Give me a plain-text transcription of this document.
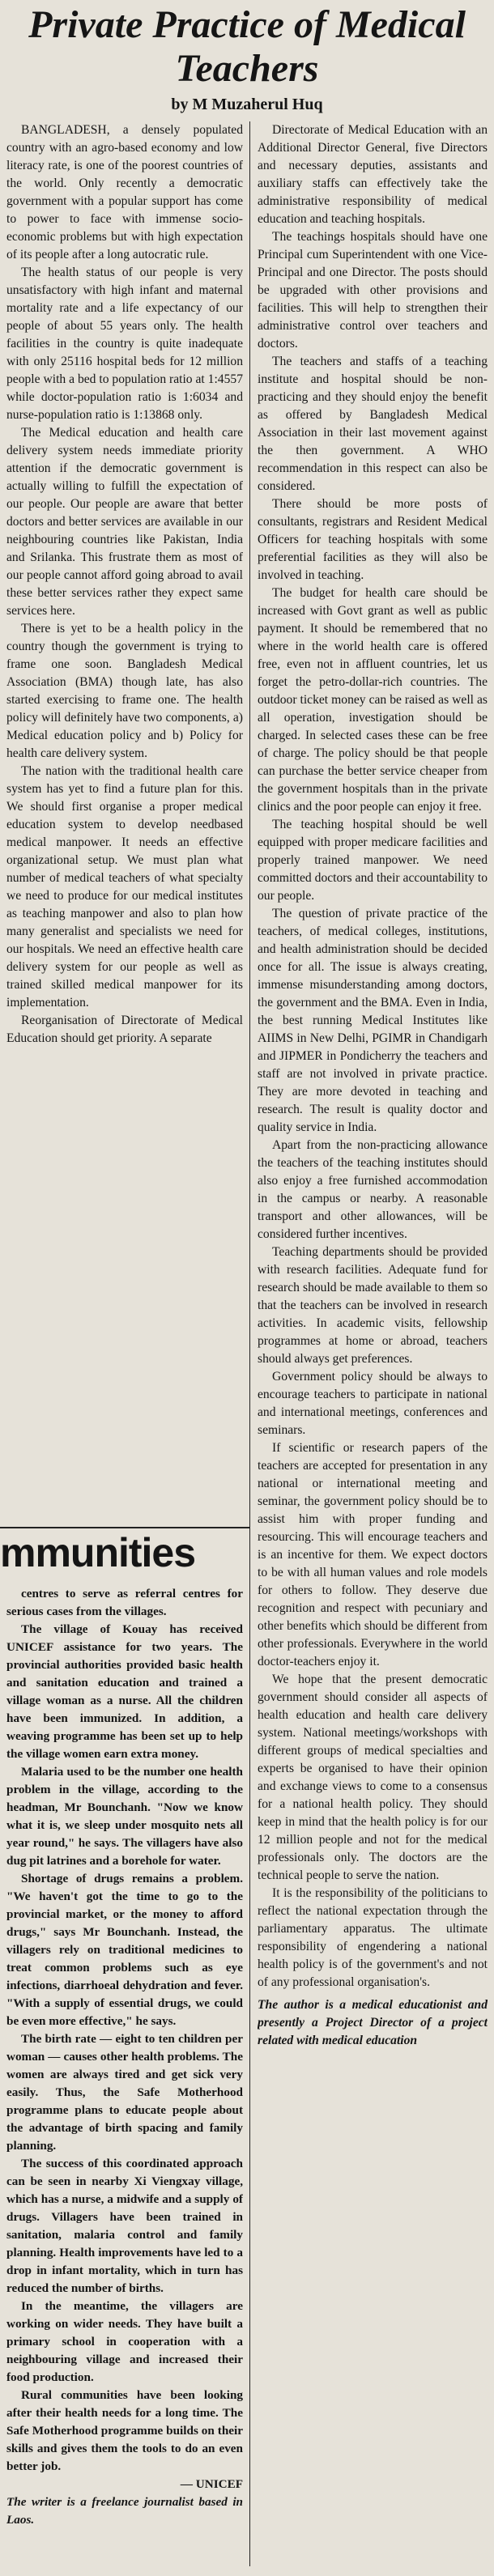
Private Practice of Medical Teachers
by M Muzaherul Huq

BANGLADESH, a densely populated country with an agro-based economy and low literacy rate, is one of the poorest countries of the world. Only recently a democratic government with a popular support has come to power to face with immense socio-economic problems but with high expectation of its people after a long autocratic rule.

The health status of our people is very unsatisfactory with high infant and maternal mortality rate and a life expectancy of our people of about 55 years only. The health facilities in the country is quite inadequate with only 25116 hospital beds for 12 million people with a bed to population ratio at 1:4557 while doctor-population ratio is 1:6034 and nurse-population ratio is 1:13868 only.

The Medical education and health care delivery system needs immediate priority attention if the democratic government is actually willing to fulfill the expectation of our people. Our people are aware that better doctors and better services are available in our neighbouring countries like Pakistan, India and Srilanka. This frustrate them as most of our people cannot afford going abroad to avail these better services rather they expect same services here.

There is yet to be a health policy in the country though the government is trying to frame one soon. Bangladesh Medical Association (BMA) though late, has also started exercising to frame one. The health policy will definitely have two components, a) Medical education policy and b) Policy for health care delivery system.

The nation with the traditional health care system has yet to find a future plan for this. We should first organise a proper medical education system to develop needbased medical manpower. It needs an effective organizational setup. We must plan what number of medical teachers of what specialty we need to produce for our medical institutes as teaching manpower and also to plan how many generalist and specialists we need for our hospitals. We need an effective health care delivery system for our people as well as trained skilled medical manpower for its implementation.

Reorganisation of Directorate of Medical Education should get priority. A separate

Directorate of Medical Education with an Additional Director General, five Directors and necessary deputies, assistants and auxiliary staffs can effectively take the administrative responsibility of medical education and teaching hospitals.

The teachings hospitals should have one Principal cum Superintendent with one Vice-Principal and one Director. The posts should be upgraded with other provisions and facilities. This will help to strengthen their administrative control over teachers and doctors.

The teachers and staffs of a teaching institute and hospital should be non-practicing and they should enjoy the benefit as offered by Bangladesh Medical Association in their last movement against the then government. A WHO recommendation in this respect can also be considered.

There should be more posts of consultants, registrars and Resident Medical Officers for teaching hospitals with some preferential facilities as they will also be involved in teaching.

The budget for health care should be increased with Govt grant as well as public payment. It should be remembered that no where in the world health care is offered free, even not in affluent countries, let us forget the petro-dollar-rich countries. The outdoor ticket money can be raised as well as all operation, investigation should be charged. In selected cases these can be free of charge. The policy should be that people can purchase the better service cheaper from the government hospitals than in the private clinics and the poor people can enjoy it free.

The teaching hospital should be well equipped with proper medicare facilities and properly trained manpower. We need committed doctors and their accountability to our people.

The question of private practice of the teachers, of medical colleges, institutions, and health administration should be decided once for all. The issue is always creating, immense misunderstanding among doctors, the government and the BMA. Even in India, the best running Medical Institutes like AIIMS in New Delhi, PGIMR in Chandigarh and JIPMER in Pondicherry the teachers and staff are not involved in private practice. They are more devoted in teaching and research. The result is quality doctor and quality service in India.

Apart from the non-practicing allowance the teachers of the teaching institutes should also enjoy a free furnished accommodation in the campus or nearby. A reasonable transport and other allowances, will be considered further incentives.

Teaching departments should be provided with research facilities. Adequate fund for research should be made available to them so that the teachers can be involved in research activities. In academic visits, fellowship programmes at home or abroad, teachers should always get preferences.

Government policy should be always to encourage teachers to participate in national and international meetings, conferences and seminars.

If scientific or research papers of the teachers are accepted for presentation in any national or international meeting and seminar, the government policy should be to assist him with proper funding and resourcing. This will encourage teachers and is an incentive for them. We expect doctors to be with all human values and role models for others to follow. They deserve due recognition and respect with pecuniary and other benefits which should be different from other professionals. Everywhere in the world doctor-teachers enjoy it.

We hope that the present democratic government should consider all aspects of health education and health care delivery system. National meetings/workshops with different groups of medical specialties and experts be organised to have their opinion and exchange views to come to a consensus for a national health policy. They should keep in mind that the health policy is for our 12 million people and not for the medical professionals only. The doctors are the technical people to serve the nation.

It is the responsibility of the politicians to reflect the national expectation through the parliamentary apparatus. The ultimate responsibility of engendering a national health policy is of the government's and not of any professional organisation's.

The author is a medical educationist and presently a Project Director of a project related with medical education

mmunities

centres to serve as referral centres for serious cases from the villages.

The village of Kouay has received UNICEF assistance for two years. The provincial authorities provided basic health and sanitation education and trained a village woman as a nurse. All the children have been immunized. In addition, a weaving programme has been set up to help the village women earn extra money.

Malaria used to be the number one health problem in the village, according to the headman, Mr Bounchanh. "Now we know what it is, we sleep under mosquito nets all year round," he says. The villagers have also dug pit latrines and a borehole for water.

Shortage of drugs remains a problem. "We haven't got the time to go to the provincial market, or the money to afford drugs," says Mr Bounchanh. Instead, the villagers rely on traditional medicines to treat common problems such as eye infections, diarrhoeal dehydration and fever. "With a supply of essential drugs, we could be even more effective," he says.

The birth rate — eight to ten children per woman — causes other health problems. The women are always tired and get sick very easily. Thus, the Safe Motherhood programme plans to educate people about the advantage of birth spacing and family planning.

The success of this coordinated approach can be seen in nearby Xi Viengxay village, which has a nurse, a midwife and a supply of drugs. Villagers have been trained in sanitation, malaria control and family planning. Health improvements have led to a drop in infant mortality, which in turn has reduced the number of births.

In the meantime, the villagers are working on wider needs. They have built a primary school in cooperation with a neighbouring village and increased their food production.

Rural communities have been looking after their health needs for a long time. The Safe Motherhood programme builds on their skills and gives them the tools to do an even better job.

— UNICEF

The writer is a freelance journalist based in Laos.
